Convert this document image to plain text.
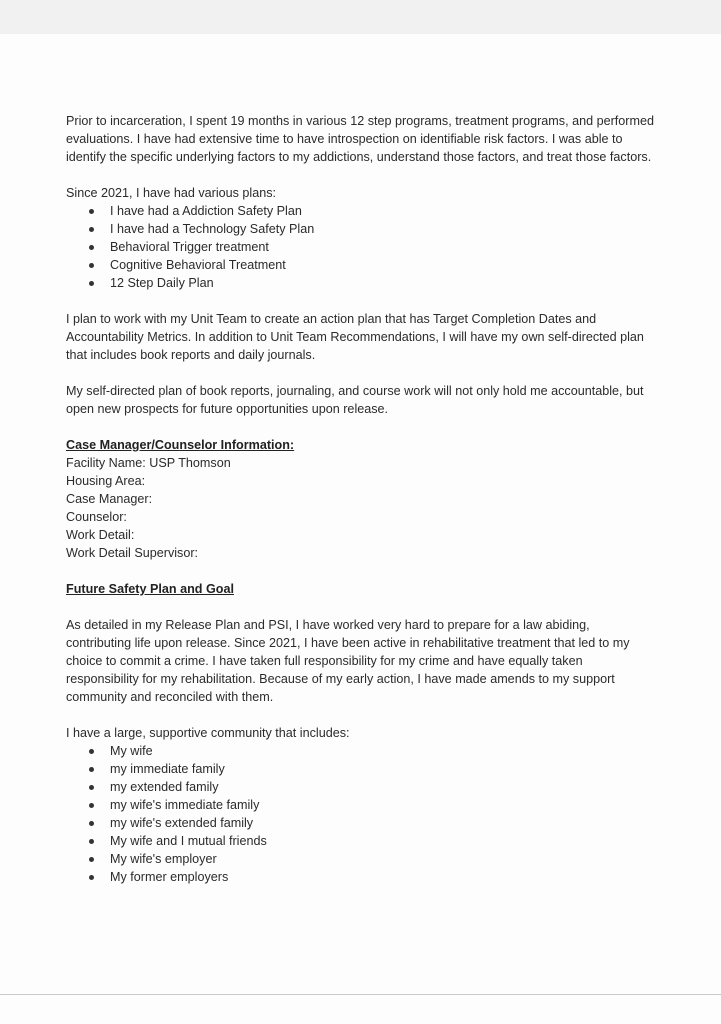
Prior to incarceration, I spent 19 months in various 12 step programs, treatment programs, and performed evaluations. I have had extensive time to have introspection on identifiable risk factors. I was able to identify the specific underlying factors to my addictions, understand those factors, and treat those factors.

Since 2021, I have had various plans:

I have had a Addiction Safety Plan
I have had a Technology Safety Plan
Behavioral Trigger treatment
Cognitive Behavioral Treatment
12 Step Daily Plan

I plan to work with my Unit Team to create an action plan that has Target Completion Dates and Accountability Metrics. In addition to Unit Team Recommendations, I will have my own self-directed plan that includes book reports and daily journals.

My self-directed plan of book reports, journaling, and course work will not only hold me accountable, but open new prospects for future opportunities upon release.

Case Manager/Counselor Information:
Facility Name: USP Thomson
Housing Area:
Case Manager:
Counselor:
Work Detail:
Work Detail Supervisor:
Future Safety Plan and Goal

As detailed in my Release Plan and PSI, I have worked very hard to prepare for a law abiding, contributing life upon release. Since 2021, I have been active in rehabilitative treatment that led to my choice to commit a crime. I have taken full responsibility for my crime and have equally taken responsibility for my rehabilitation. Because of my early action, I have made amends to my support community and reconciled with them.

I have a large, supportive community that includes:

My wife
my immediate family
my extended family
my wife's immediate family
my wife's extended family
My wife and I mutual friends
My wife's employer
My former employers
